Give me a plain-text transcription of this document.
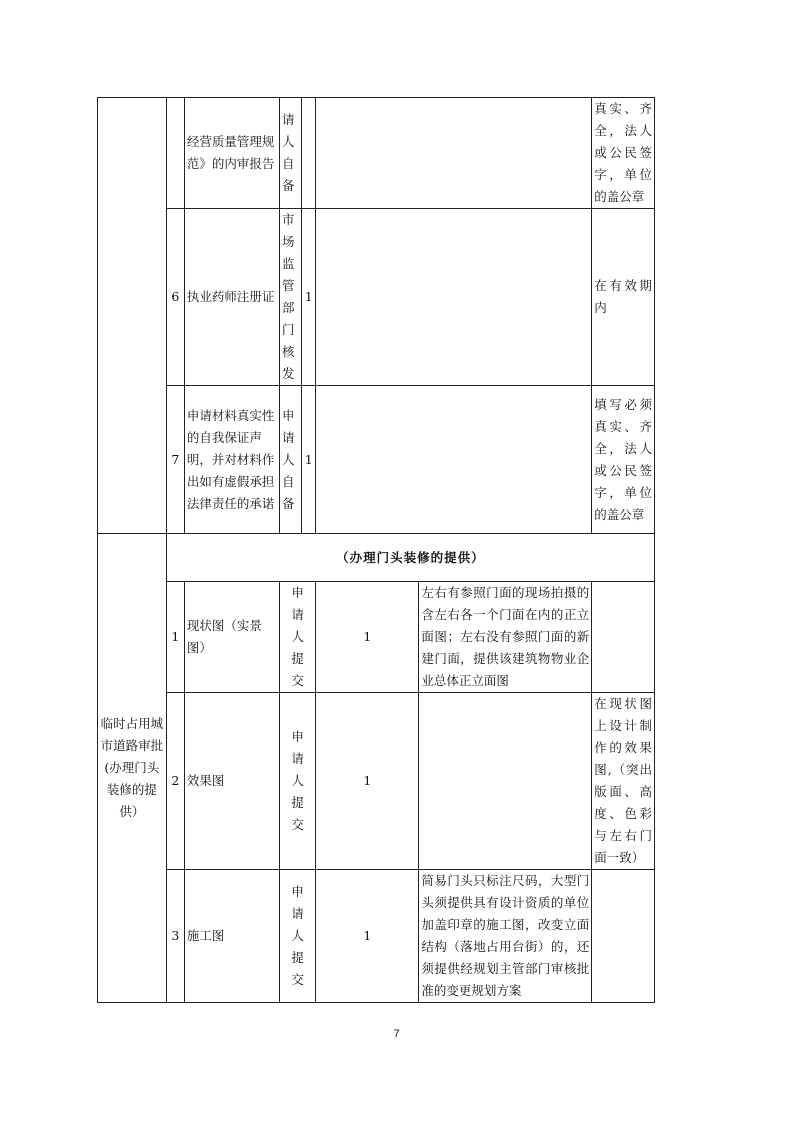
		经营质量管理规范》的内审报告	请人自备				真实、齐全，法人或公民签字，单位的盖公章
	6	执业药师注册证	市场监管部门核发	1			在有效期内
	7	申请材料真实性的自我保证声明，并对材料作出如有虚假承担法律责任的承诺	申请人自备	1			填写必须真实、齐全，法人或公民签字，单位的盖公章
临时占用城市道路审批(办理门头装修的提供）	（办理门头装修的提供）						
	1	现状图（实景图）	申请人提交		1	左右有参照门面的现场拍摄的含左右各一个门面在内的正立面图；左右没有参照门面的新建门面，提供该建筑物物业企业总体正立面图	
	2	效果图	申请人提交		1		在现状图上设计制作的效果图,（突出版面、高度、色彩与左右门面一致）
	3	施工图	申请人提交		1	简易门头只标注尺码，大型门头须提供具有设计资质的单位加盖印章的施工图，改变立面结构（落地占用台街）的，还须提供经规划主管部门审核批准的变更规划方案	
7
